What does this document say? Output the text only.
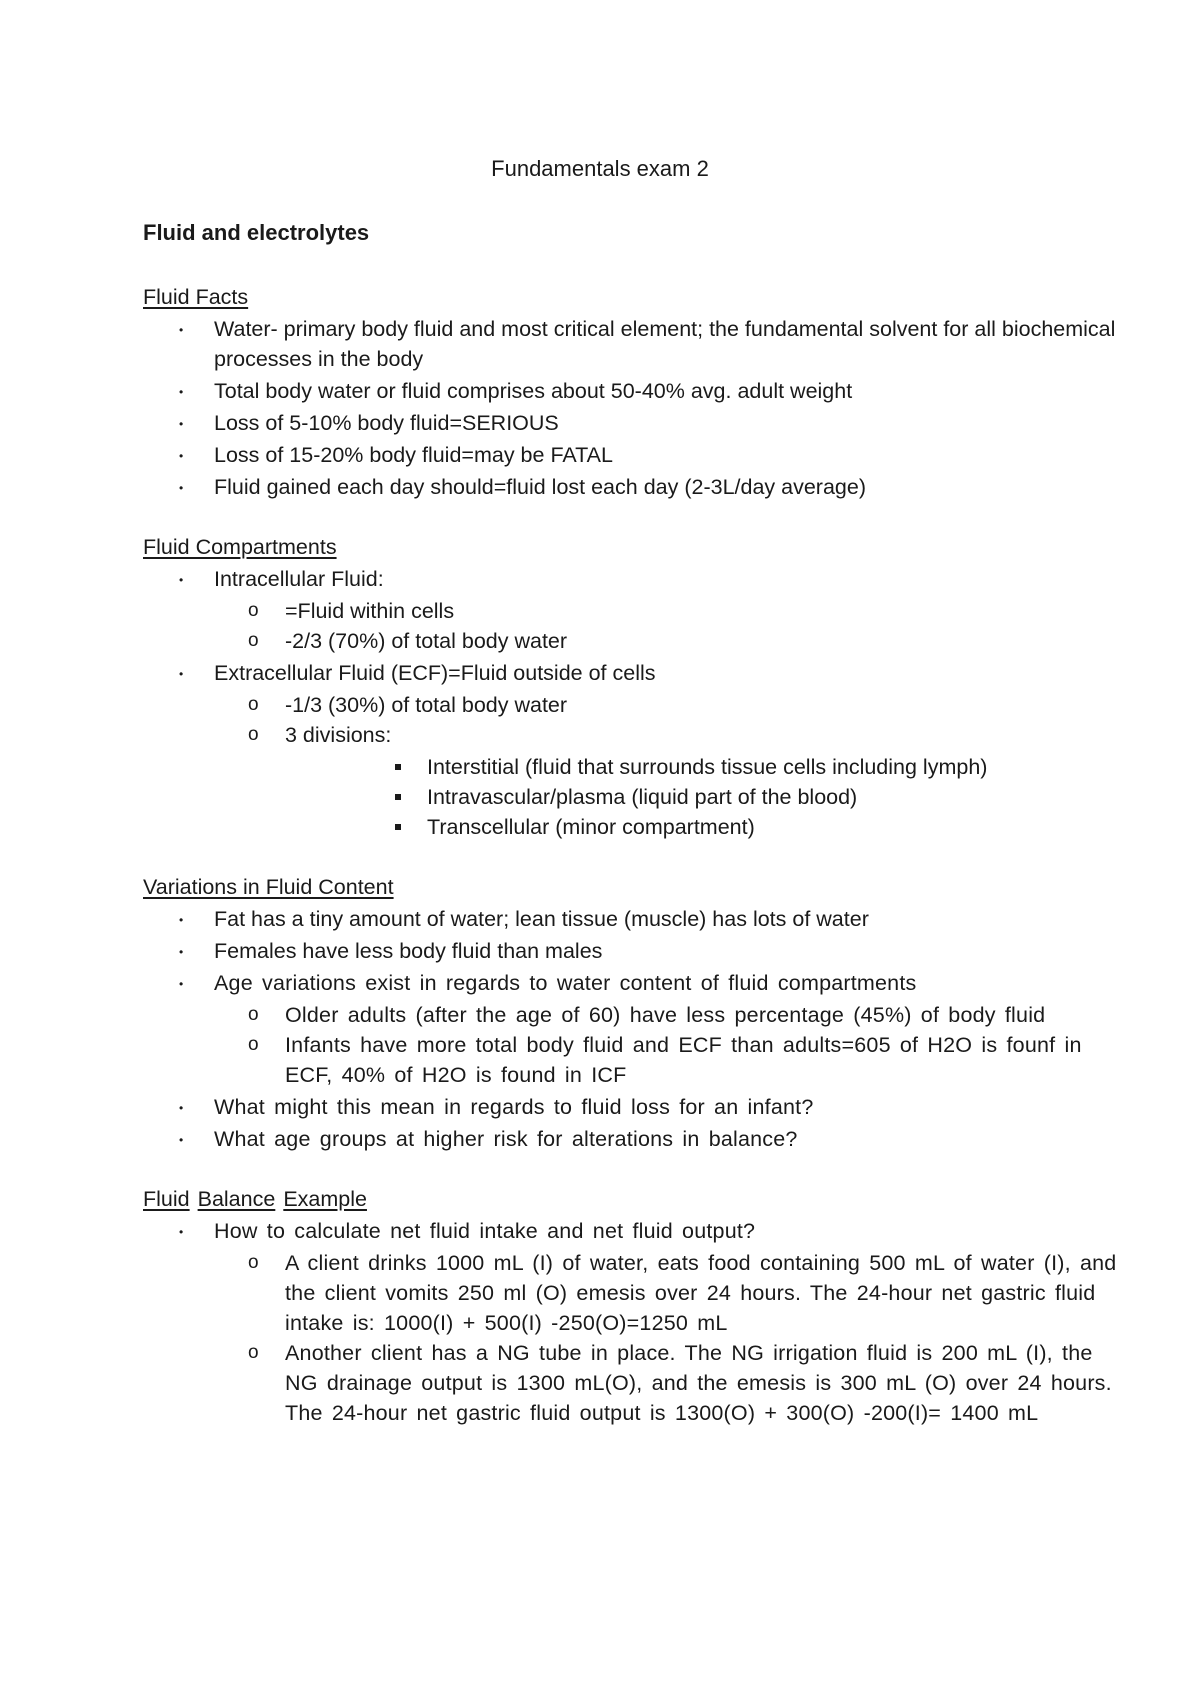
Fundamentals exam 2
Fluid and electrolytes
Fluid Facts
• Water- primary body fluid and most critical element; the fundamental solvent for all biochemical processes in the body
• Total body water or fluid comprises about 50-40% avg. adult weight
• Loss of 5-10% body fluid=SERIOUS
• Loss of 15-20% body fluid=may be FATAL
• Fluid gained each day should=fluid lost each day (2-3L/day average)
Fluid Compartments
• Intracellular Fluid:
o =Fluid within cells
o -2/3 (70%) of total body water
• Extracellular Fluid (ECF)=Fluid outside of cells
o -1/3 (30%) of total body water
o 3 divisions:
Interstitial (fluid that surrounds tissue cells including lymph)
Intravascular/plasma (liquid part of the blood)
Transcellular (minor compartment)
Variations in Fluid Content
• Fat has a tiny amount of water; lean tissue (muscle) has lots of water
• Females have less body fluid than males
• Age variations exist in regards to water content of fluid compartments
o Older adults (after the age of 60) have less percentage (45%) of body fluid
o Infants have more total body fluid and ECF than adults=605 of H2O is founf in ECF, 40% of H2O is found in ICF
• What might this mean in regards to fluid loss for an infant?
• What age groups at higher risk for alterations in balance?
Fluid Balance Example
• How to calculate net fluid intake and net fluid output?
o A client drinks 1000 mL (I) of water, eats food containing 500 mL of water (I), and the client vomits 250 ml (O) emesis over 24 hours. The 24-hour net gastric fluid intake is: 1000(I) + 500(I) -250(O)=1250 mL
o Another client has a NG tube in place. The NG irrigation fluid is 200 mL (I), the NG drainage output is 1300 mL(O), and the emesis is 300 mL (O) over 24 hours. The 24-hour net gastric fluid output is 1300(O) + 300(O) -200(I)= 1400 mL
